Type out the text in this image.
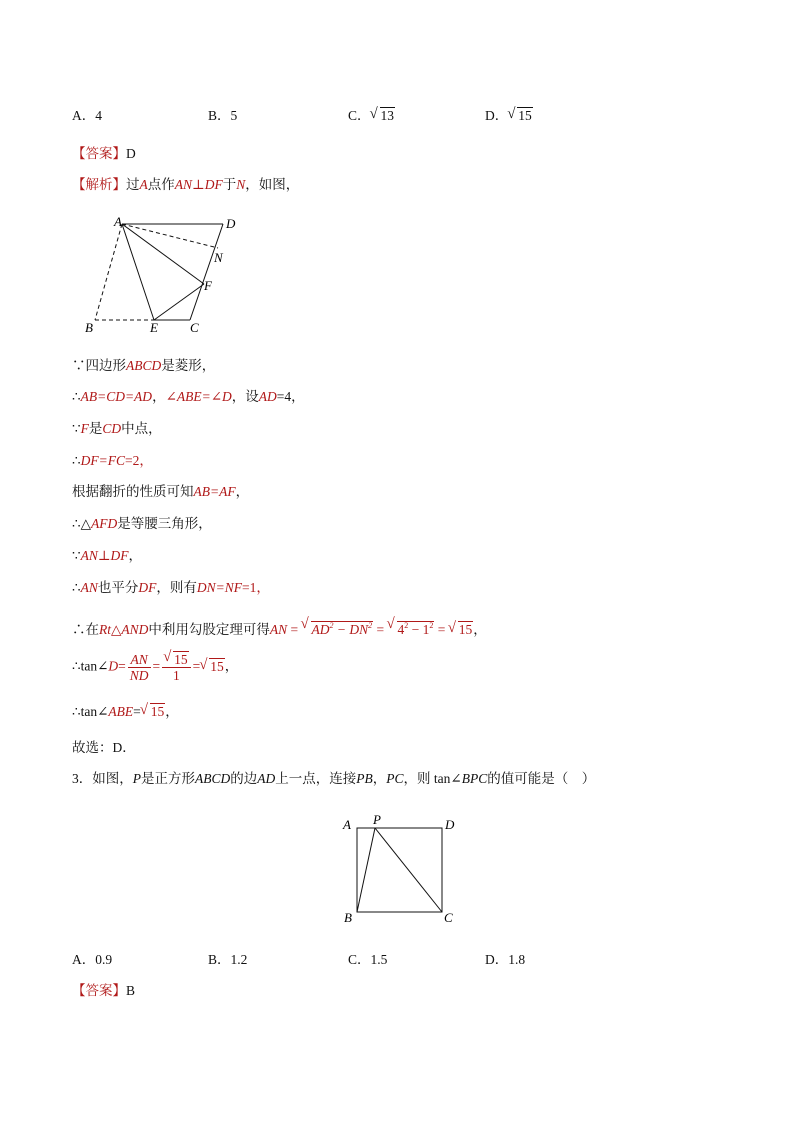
A．4	B．5	C． √ 13	D． √ 15
【答案】D
【解析】过A点作AN⊥DF于N，如图，
A	D
N
F
B	E C
∵四边形ABCD是菱形，
∴AB=CD=AD，∠ABE=∠D，设AD=4，
∵F是CD中点，
∴DF=FC=2，
根据翻折的性质可知AB=AF，
∴△AFD是等腰三角形，
∵AN⊥DF，
∴AN也平分DF，则有DN=NF=1，
∴在Rt△AND中利用勾股定理可得AN = √ $AD^2 - DN^2$ = √ $4^2 - 1^2$ = √ 15，
∴tan∠D= $\frac{AN}{ND}$ = √ $\frac{15}{1}$ = √ 15，
∴tan∠ABE= √ 15，
故选：D．
3．如图，P是正方形ABCD的边AD上一点，连接PB，PC，则 tan∠BPC的值可能是（　）
A P	D
B	C
A．0.9	B．1.2	C．1.5	D．1.8
【答案】B
